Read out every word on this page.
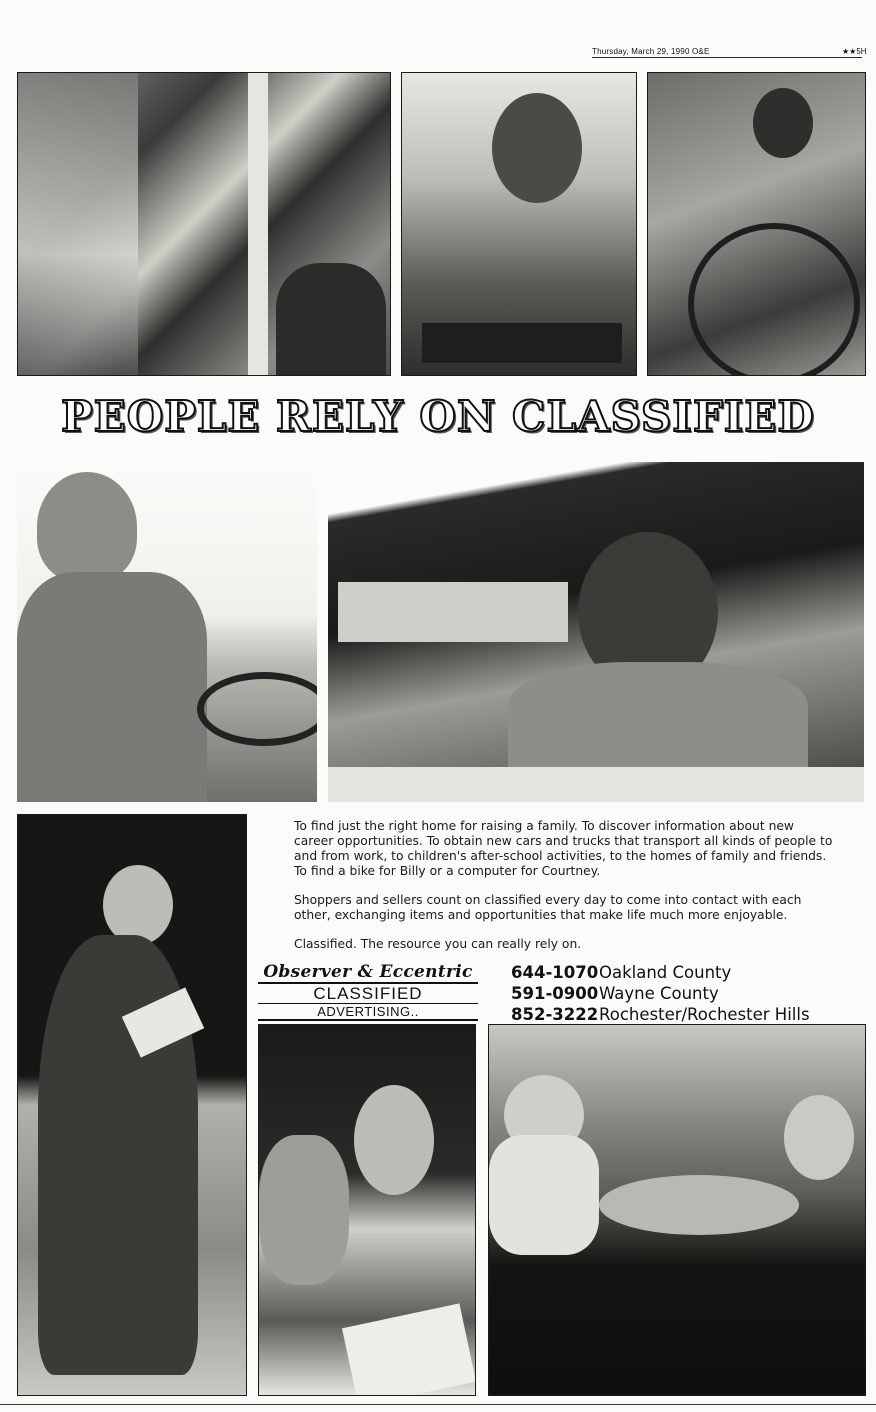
Thursday, March 29, 1990 O&E	★★5H
PEOPLE RELY ON CLASSIFIED

To find just the right home for raising a family. To discover information about new career opportunities. To obtain new cars and trucks that transport all kinds of people to and from work, to children's after-school activities, to the homes of family and friends. To find a bike for Billy or a computer for Courtney.

Shoppers and sellers count on classified every day to come into contact with each other, exchanging items and opportunities that make life much more enjoyable.

Classified. The resource you can really rely on.

Observer & Eccentric
CLASSIFIED
ADVERTISING..
644-1070 Oakland County
591-0900 Wayne County
852-3222 Rochester/Rochester Hills
